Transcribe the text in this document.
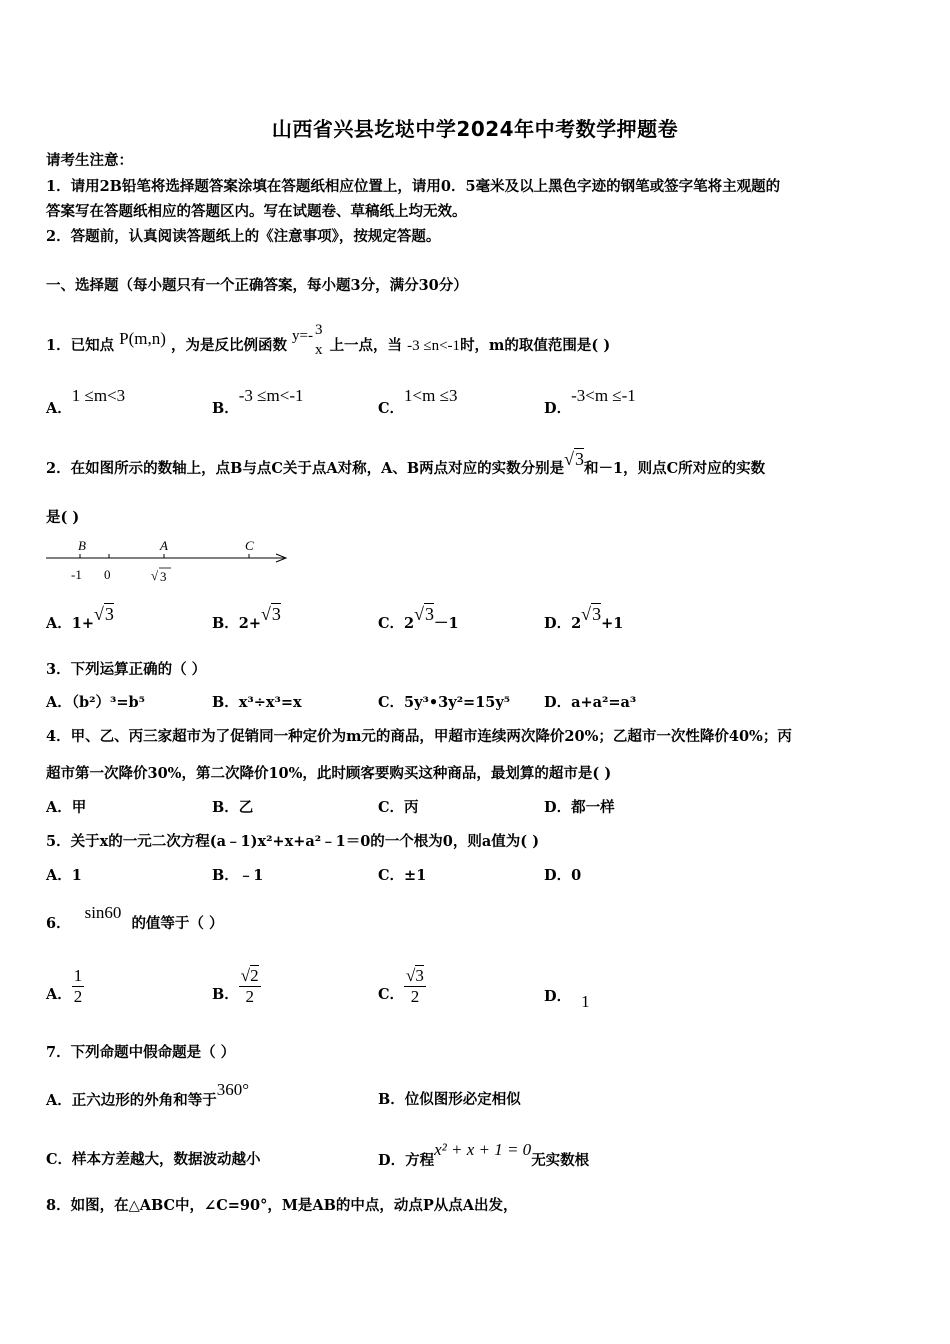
山西省兴县圪垯中学2024年中考数学押题卷
请考生注意：
1．请用2B铅笔将选择题答案涂填在答题纸相应位置上，请用0．5毫米及以上黑色字迹的钢笔或签字笔将主观题的
答案写在答题纸相应的答题区内。写在试题卷、草稿纸上均无效。
2．答题前，认真阅读答题纸上的《注意事项》，按规定答题。
一、选择题（每小题只有一个正确答案，每小题3分，满分30分）
1．已知点 P(m,n) ，为是反比例函数 y=- 3
x 上一点，当 -3 ≤n<-1时，m的取值范围是( )
A．1 ≤m<3
B．-3 ≤m<-1
C．1<m ≤3
D．-3<m ≤-1
2．在如图所示的数轴上，点B与点C关于点A对称，A、B两点对应的实数分别是√3和－1，则点C所对应的实数
是( )
B	A	C
-1 0	√ 3
A．1+√3	B．2+√3	C．2√3－1	D．2√3+1
3．下列运算正确的（ ）
A．（b²）³=b⁵	B．x³÷x³=x	C．5y³•3y²=15y⁵ D．a+a²=a³
4．甲、乙、丙三家超市为了促销同一种定价为m元的商品，甲超市连续两次降价20%；乙超市一次性降价40%；丙
超市第一次降价30%，第二次降价10%，此时顾客要购买这种商品，最划算的超市是( )
A．甲	B．乙	C．丙	D．都一样
5．关于x的一元二次方程(a﹣1)x²+x+a²﹣1＝0的一个根为0，则a值为( )
A．1	B．﹣1	C．±1	D．0
6．sin60的值等于（ ）
A． $\frac{1}{2}$	B． $\frac{√2}{2}$	C． $\frac{√3}{2}$	D． 1
7．下列命题中假命题是（ ）
A．正六边形的外角和等于360°
B．位似图形必定相似
C．样本方差越大，数据波动越小	D．方程x² + x + 1 = 0无实数根
8．如图，在△ABC中，∠C=90°，M是AB的中点，动点P从点A出发，
